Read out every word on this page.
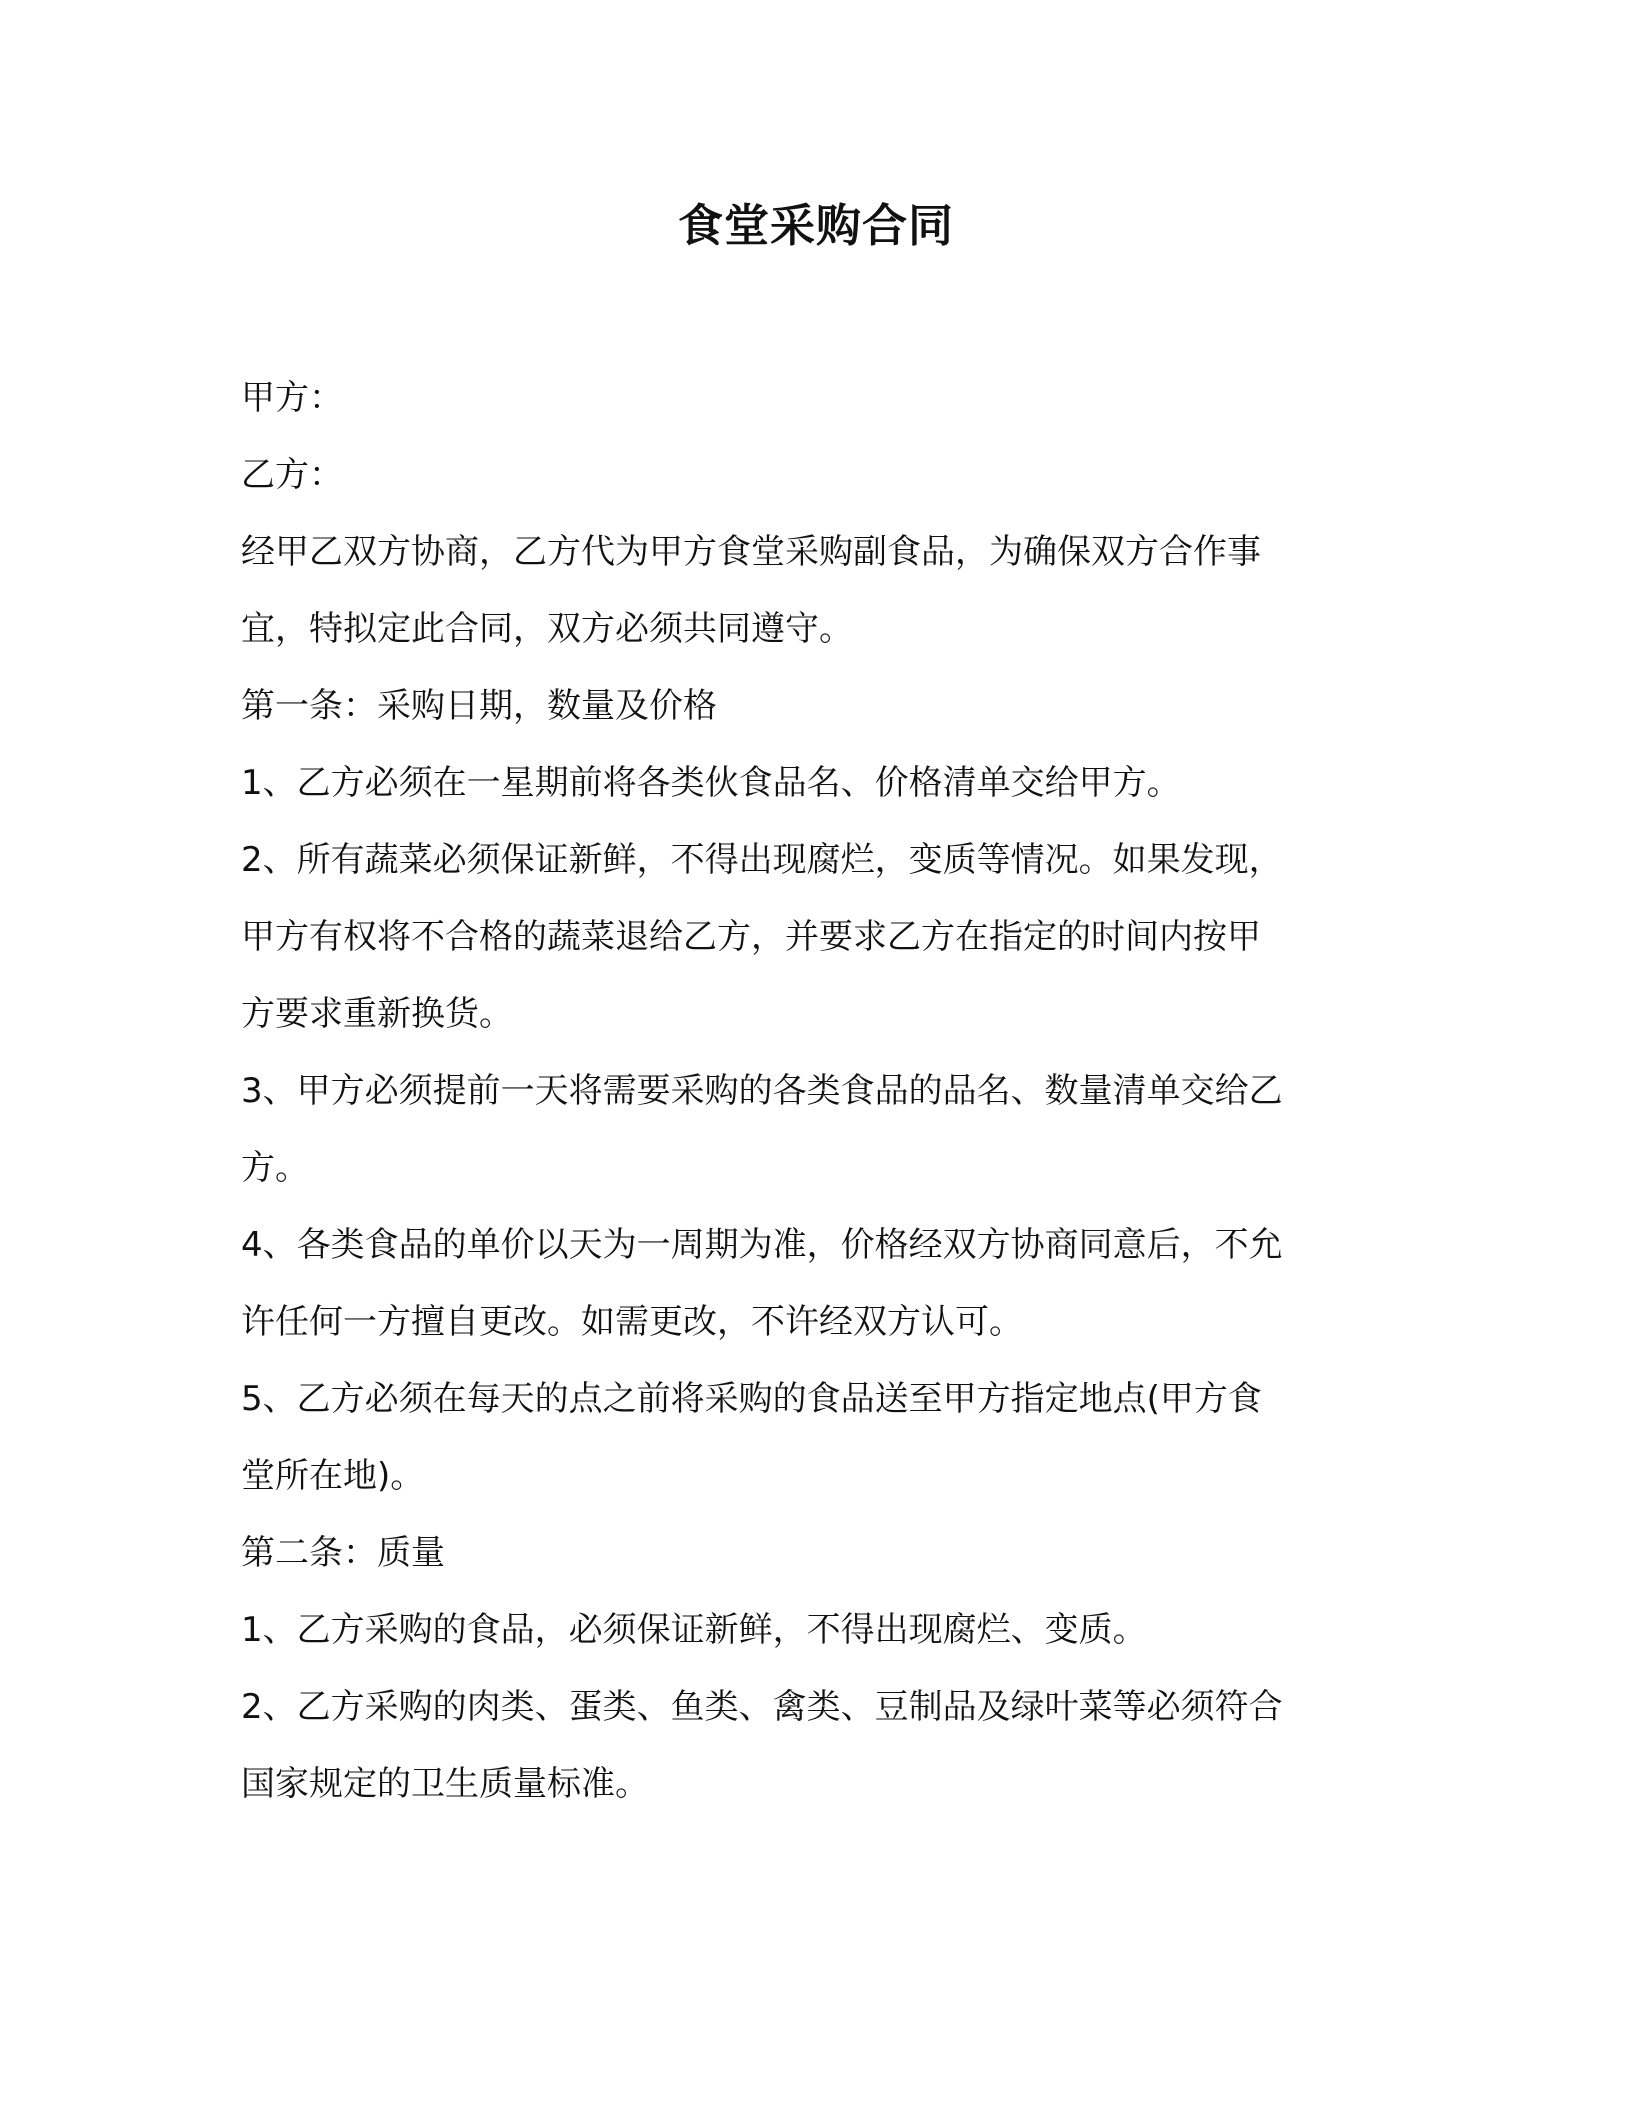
食堂采购合同
甲方：
乙方：
经甲乙双方协商，乙方代为甲方食堂采购副食品，为确保双方合作事
宜，特拟定此合同，双方必须共同遵守。
第一条：采购日期，数量及价格
1、乙方必须在一星期前将各类伙食品名、价格清单交给甲方。
2、所有蔬菜必须保证新鲜，不得出现腐烂，变质等情况。如果发现，
甲方有权将不合格的蔬菜退给乙方，并要求乙方在指定的时间内按甲
方要求重新换货。
3、甲方必须提前一天将需要采购的各类食品的品名、数量清单交给乙
方。
4、各类食品的单价以天为一周期为准，价格经双方协商同意后，不允
许任何一方擅自更改。如需更改，不许经双方认可。
5、乙方必须在每天的点之前将采购的食品送至甲方指定地点(甲方食
堂所在地)。
第二条：质量
1、乙方采购的食品，必须保证新鲜，不得出现腐烂、变质。
2、乙方采购的肉类、蛋类、鱼类、禽类、豆制品及绿叶菜等必须符合
国家规定的卫生质量标准。
